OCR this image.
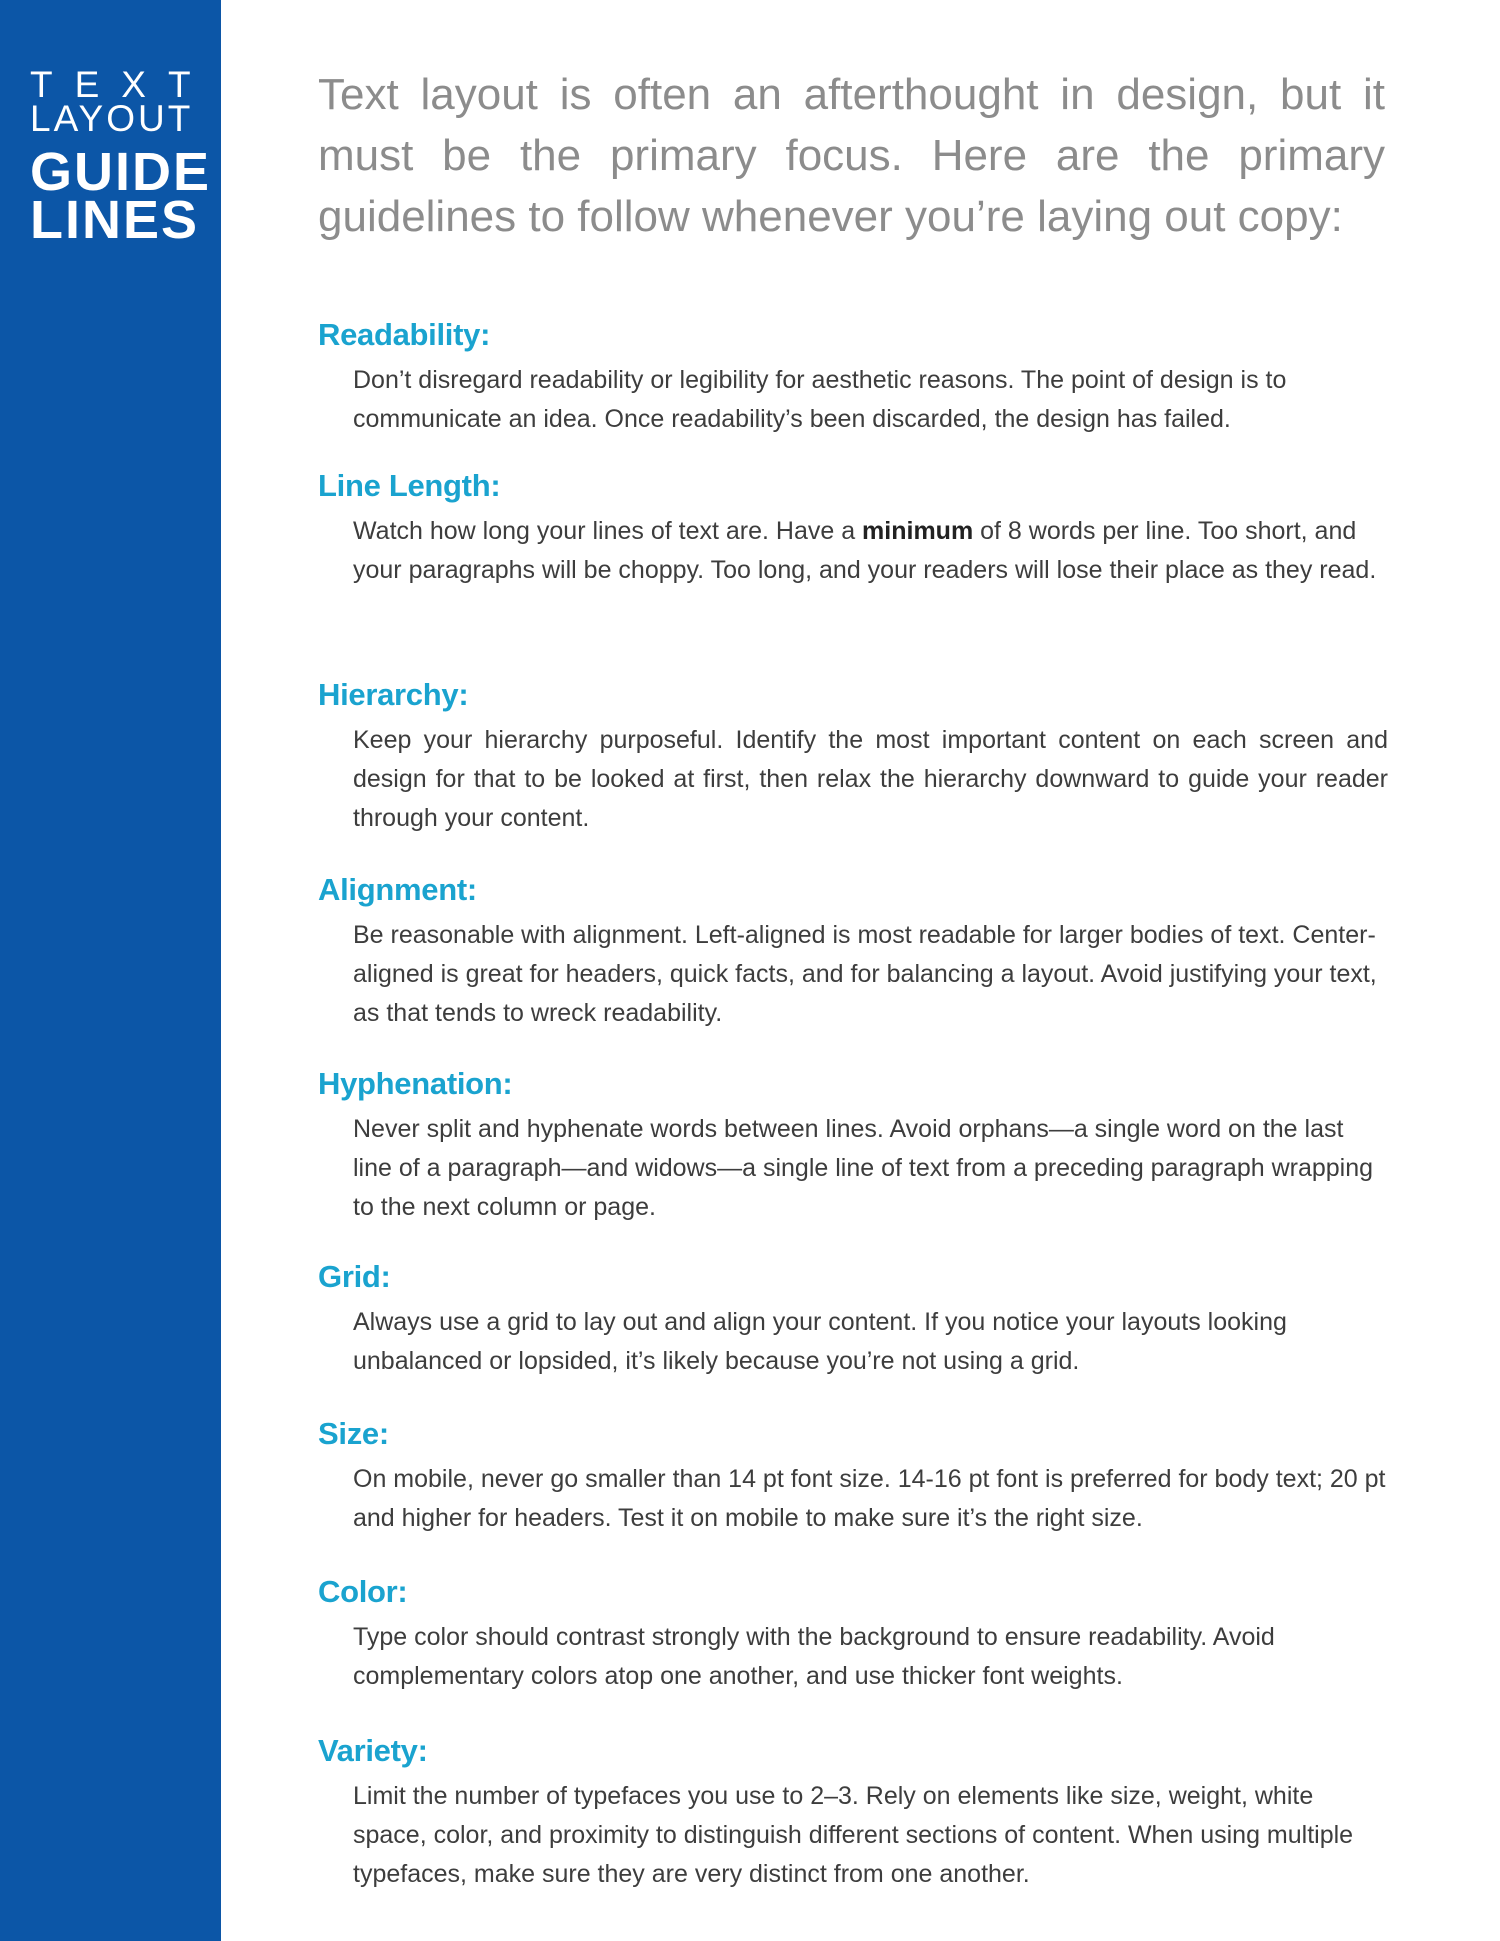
TEXT
LAYOUT
GUIDE
LINES

Text layout is often an afterthought in design, but it must be the primary focus. Here are the primary guidelines to follow whenever you’re laying out copy:

Readability:

Don’t disregard readability or legibility for aesthetic reasons. The point of design is to communicate an idea. Once readability’s been discarded, the design has failed.

Line Length:

Watch how long your lines of text are. Have a minimum of 8 words per line. Too short, and your paragraphs will be choppy. Too long, and your readers will lose their place as they read.

Hierarchy:

Keep your hierarchy purposeful. Identify the most important content on each screen and design for that to be looked at first, then relax the hierarchy downward to guide your reader through your content.

Alignment:

Be reasonable with alignment. Left-aligned is most readable for larger bodies of text. Center-aligned is great for headers, quick facts, and for balancing a layout. Avoid justifying your text, as that tends to wreck readability.

Hyphenation:

Never split and hyphenate words between lines. Avoid orphans—a single word on the last line of a paragraph—and widows—a single line of text from a preceding paragraph wrapping to the next column or page.

Grid:

Always use a grid to lay out and align your content. If you notice your layouts looking unbalanced or lopsided, it’s likely because you’re not using a grid.

Size:

On mobile, never go smaller than 14 pt font size. 14-16 pt font is preferred for body text; 20 pt and higher for headers. Test it on mobile to make sure it’s the right size.

Color:

Type color should contrast strongly with the background to ensure readability. Avoid complementary colors atop one another, and use thicker font weights.

Variety:

Limit the number of typefaces you use to 2–3. Rely on elements like size, weight, white space, color, and proximity to distinguish different sections of content. When using multiple typefaces, make sure they are very distinct from one another.
